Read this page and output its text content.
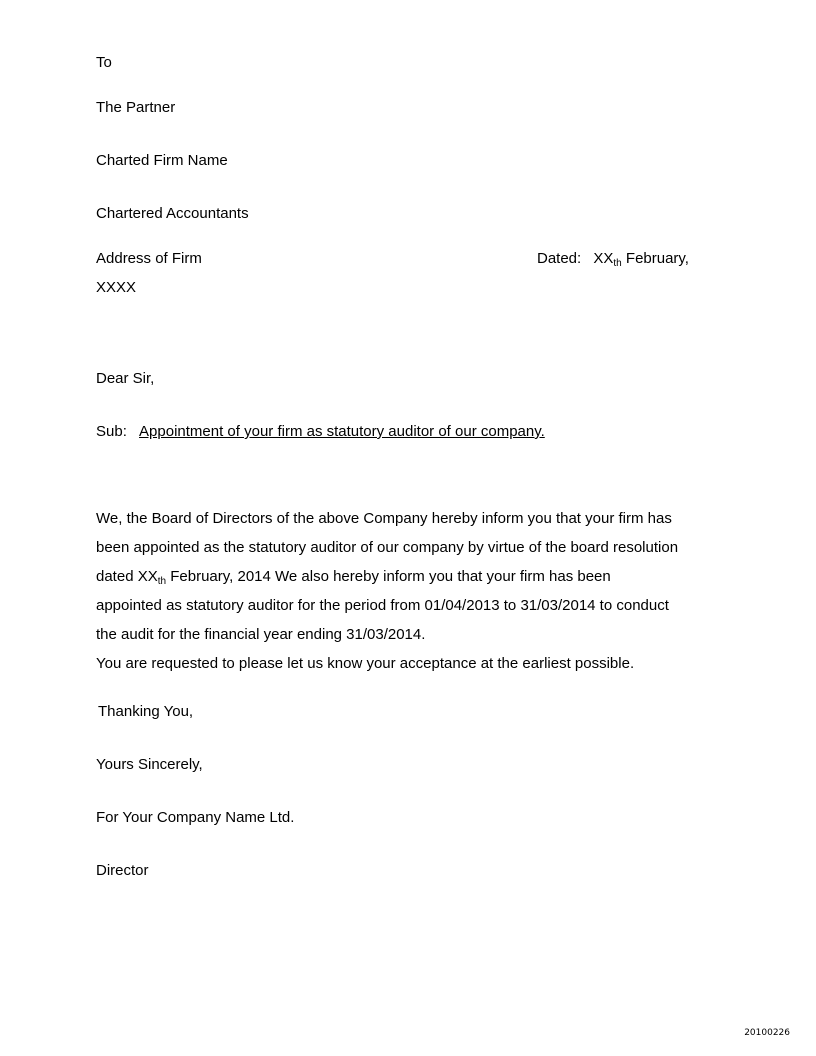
To
The Partner
Charted Firm Name
Chartered Accountants
Address of Firm	Dated: $XX_{th}$ February,
XXXX
Dear Sir,
Sub: Appointment of your firm as statutory auditor of our company.
We, the Board of Directors of the above Company hereby inform you that your firm has
been appointed as the statutory auditor of our company by virtue of the board resolution
dated $XX_{th}$ February, 2014 We also hereby inform you that your firm has been
appointed as statutory auditor for the period from 01/04/2013 to 31/03/2014 to conduct
the audit for the financial year ending 31/03/2014.
You are requested to please let us know your acceptance at the earliest possible.
Thanking You,
Yours Sincerely,
For Your Company Name Ltd.
Director
20100226
